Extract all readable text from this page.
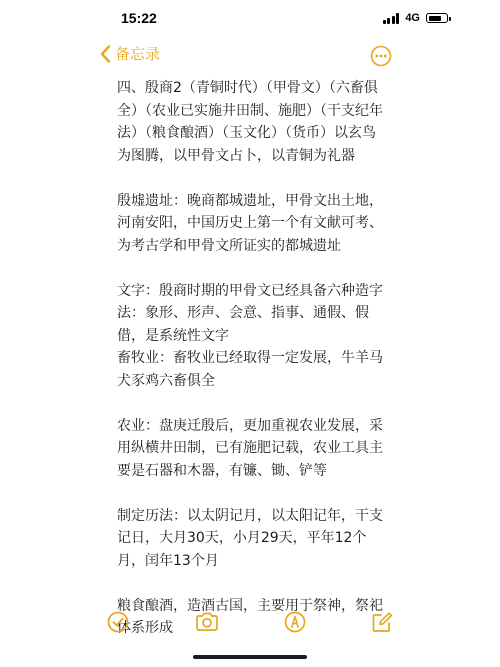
15:22	4G
备忘录

四、殷商2（青铜时代）（甲骨文）（六畜俱全）（农业已实施井田制、施肥）（干支纪年法）（粮食酿酒）（玉文化）（货币）以玄鸟为图腾，以甲骨文占卜，以青铜为礼器

殷墟遗址：晚商都城遗址，甲骨文出土地，河南安阳，中国历史上第一个有文献可考、为考古学和甲骨文所证实的都城遗址

文字：殷商时期的甲骨文已经具备六种造字法：象形、形声、会意、指事、通假、假借，是系统性文字

畜牧业：畜牧业已经取得一定发展，牛羊马犬豕鸡六畜俱全

农业：盘庚迁殷后，更加重视农业发展，采用纵横井田制，已有施肥记载，农业工具主要是石器和木器，有镰、锄、铲等

制定历法：以太阴记月，以太阳记年，干支记日，大月30天，小月29天，平年12个月，闰年13个月

粮食酿酒，造酒古国，主要用于祭神，祭祀体系形成
